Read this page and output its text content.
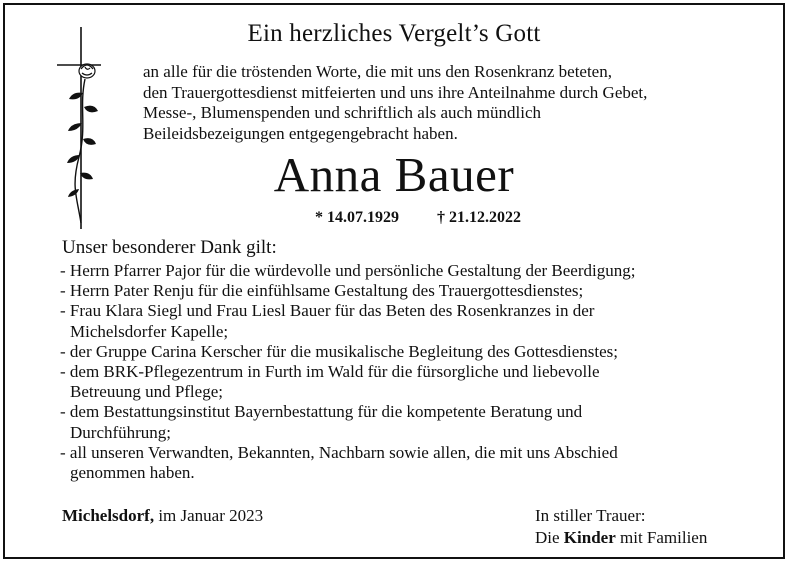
Ein herzliches Vergelt’s Gott
an alle für die tröstenden Worte, die mit uns den Rosenkranz beteten,
den Trauergottesdienst mitfeierten und uns ihre Anteilnahme durch Gebet,
Messe-, Blumenspenden und schriftlich als auch mündlich
Beileidsbezeigungen entgegengebracht haben.
Anna Bauer
* 14.07.1929 † 21.12.2022
Unser besonderer Dank gilt:
- Herrn Pfarrer Pajor für die würdevolle und persönliche Gestaltung der Beerdigung;
- Herrn Pater Renju für die einfühlsame Gestaltung des Trauergottesdienstes;
- Frau Klara Siegl und Frau Liesl Bauer für das Beten des Rosenkranzes in der
Michelsdorfer Kapelle;
- der Gruppe Carina Kerscher für die musikalische Begleitung des Gottesdienstes;
- dem BRK-Pflegezentrum in Furth im Wald für die fürsorgliche und liebevolle
Betreuung und Pflege;
- dem Bestattungsinstitut Bayernbestattung für die kompetente Beratung und
Durchführung;
- all unseren Verwandten, Bekannten, Nachbarn sowie allen, die mit uns Abschied
genommen haben.
Michelsdorf, im Januar 2023	In stiller Trauer:
Die Kinder mit Familien
